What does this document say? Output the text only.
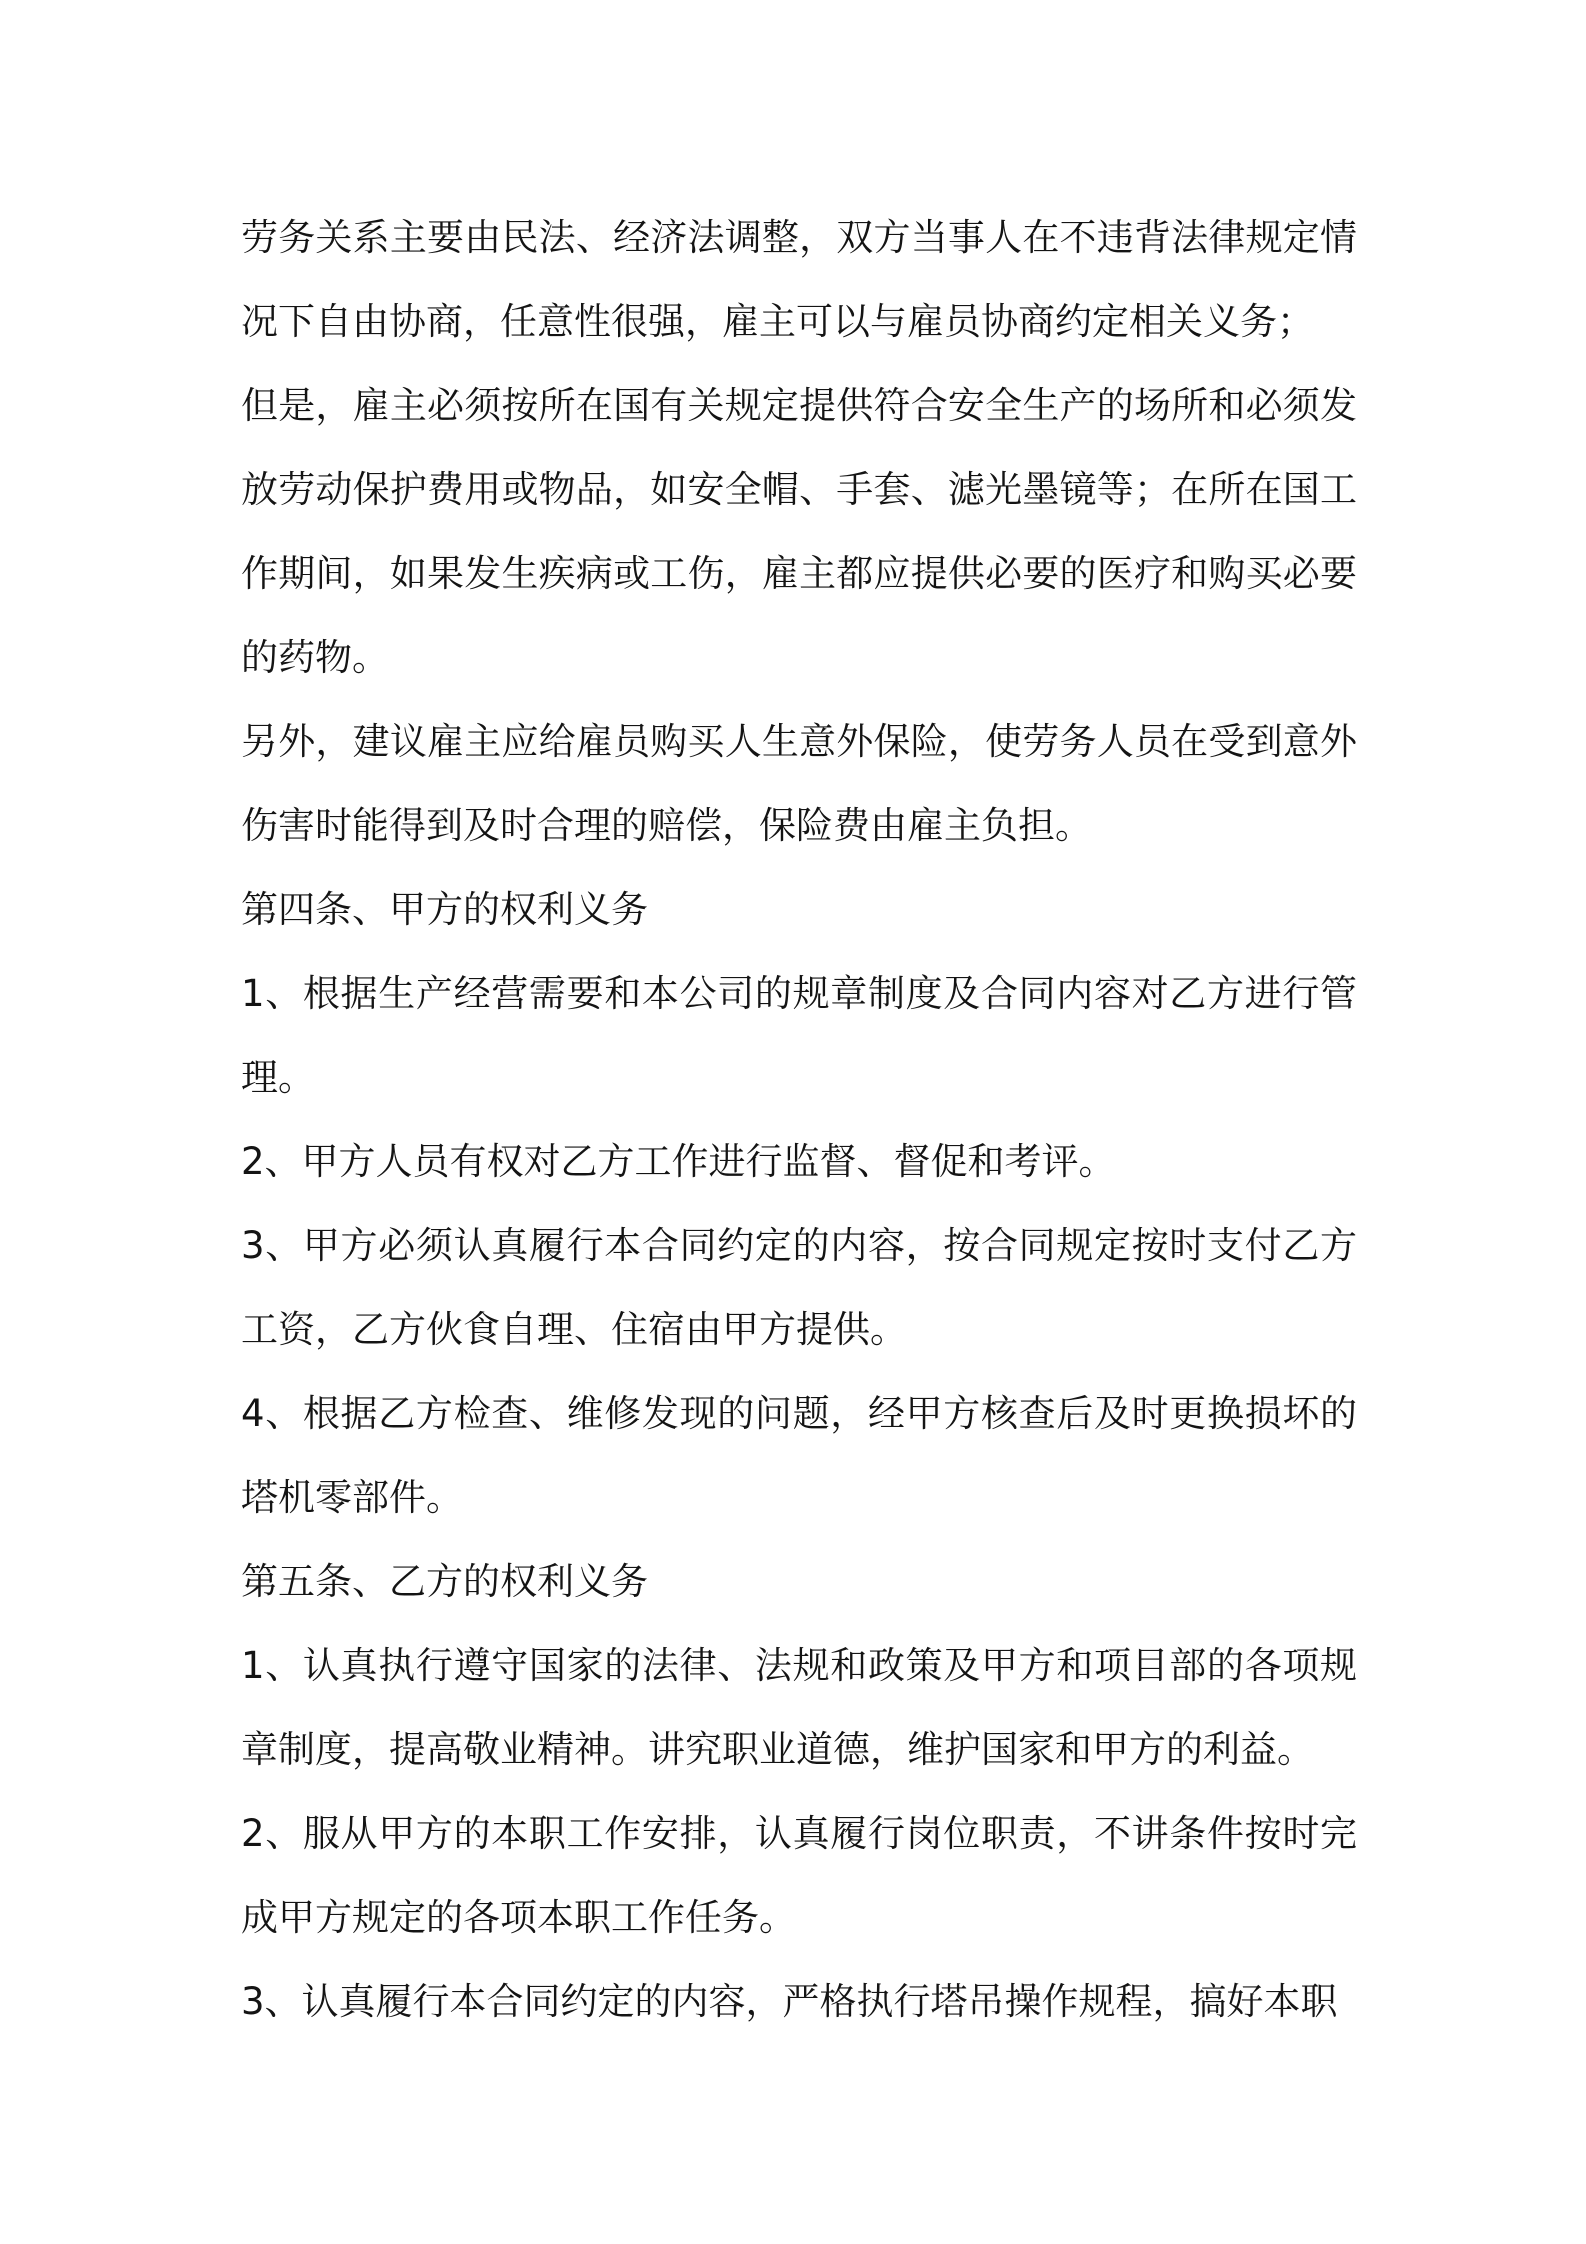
劳务关系主要由民法、经济法调整，双方当事人在不违背法律规定情况下自由协商，任意性很强，雇主可以与雇员协商约定相关义务；

但是，雇主必须按所在国有关规定提供符合安全生产的场所和必须发放劳动保护费用或物品，如安全帽、手套、滤光墨镜等；在所在国工作期间，如果发生疾病或工伤，雇主都应提供必要的医疗和购买必要的药物。

另外，建议雇主应给雇员购买人生意外保险，使劳务人员在受到意外伤害时能得到及时合理的赔偿，保险费由雇主负担。

第四条、甲方的权利义务

1、根据生产经营需要和本公司的规章制度及合同内容对乙方进行管理。

2、甲方人员有权对乙方工作进行监督、督促和考评。

3、甲方必须认真履行本合同约定的内容，按合同规定按时支付乙方工资，乙方伙食自理、住宿由甲方提供。

4、根据乙方检查、维修发现的问题，经甲方核查后及时更换损坏的塔机零部件。

第五条、乙方的权利义务

1、认真执行遵守国家的法律、法规和政策及甲方和项目部的各项规章制度，提高敬业精神。讲究职业道德，维护国家和甲方的利益。

2、服从甲方的本职工作安排，认真履行岗位职责，不讲条件按时完成甲方规定的各项本职工作任务。

3、认真履行本合同约定的内容，严格执行塔吊操作规程，搞好本职
